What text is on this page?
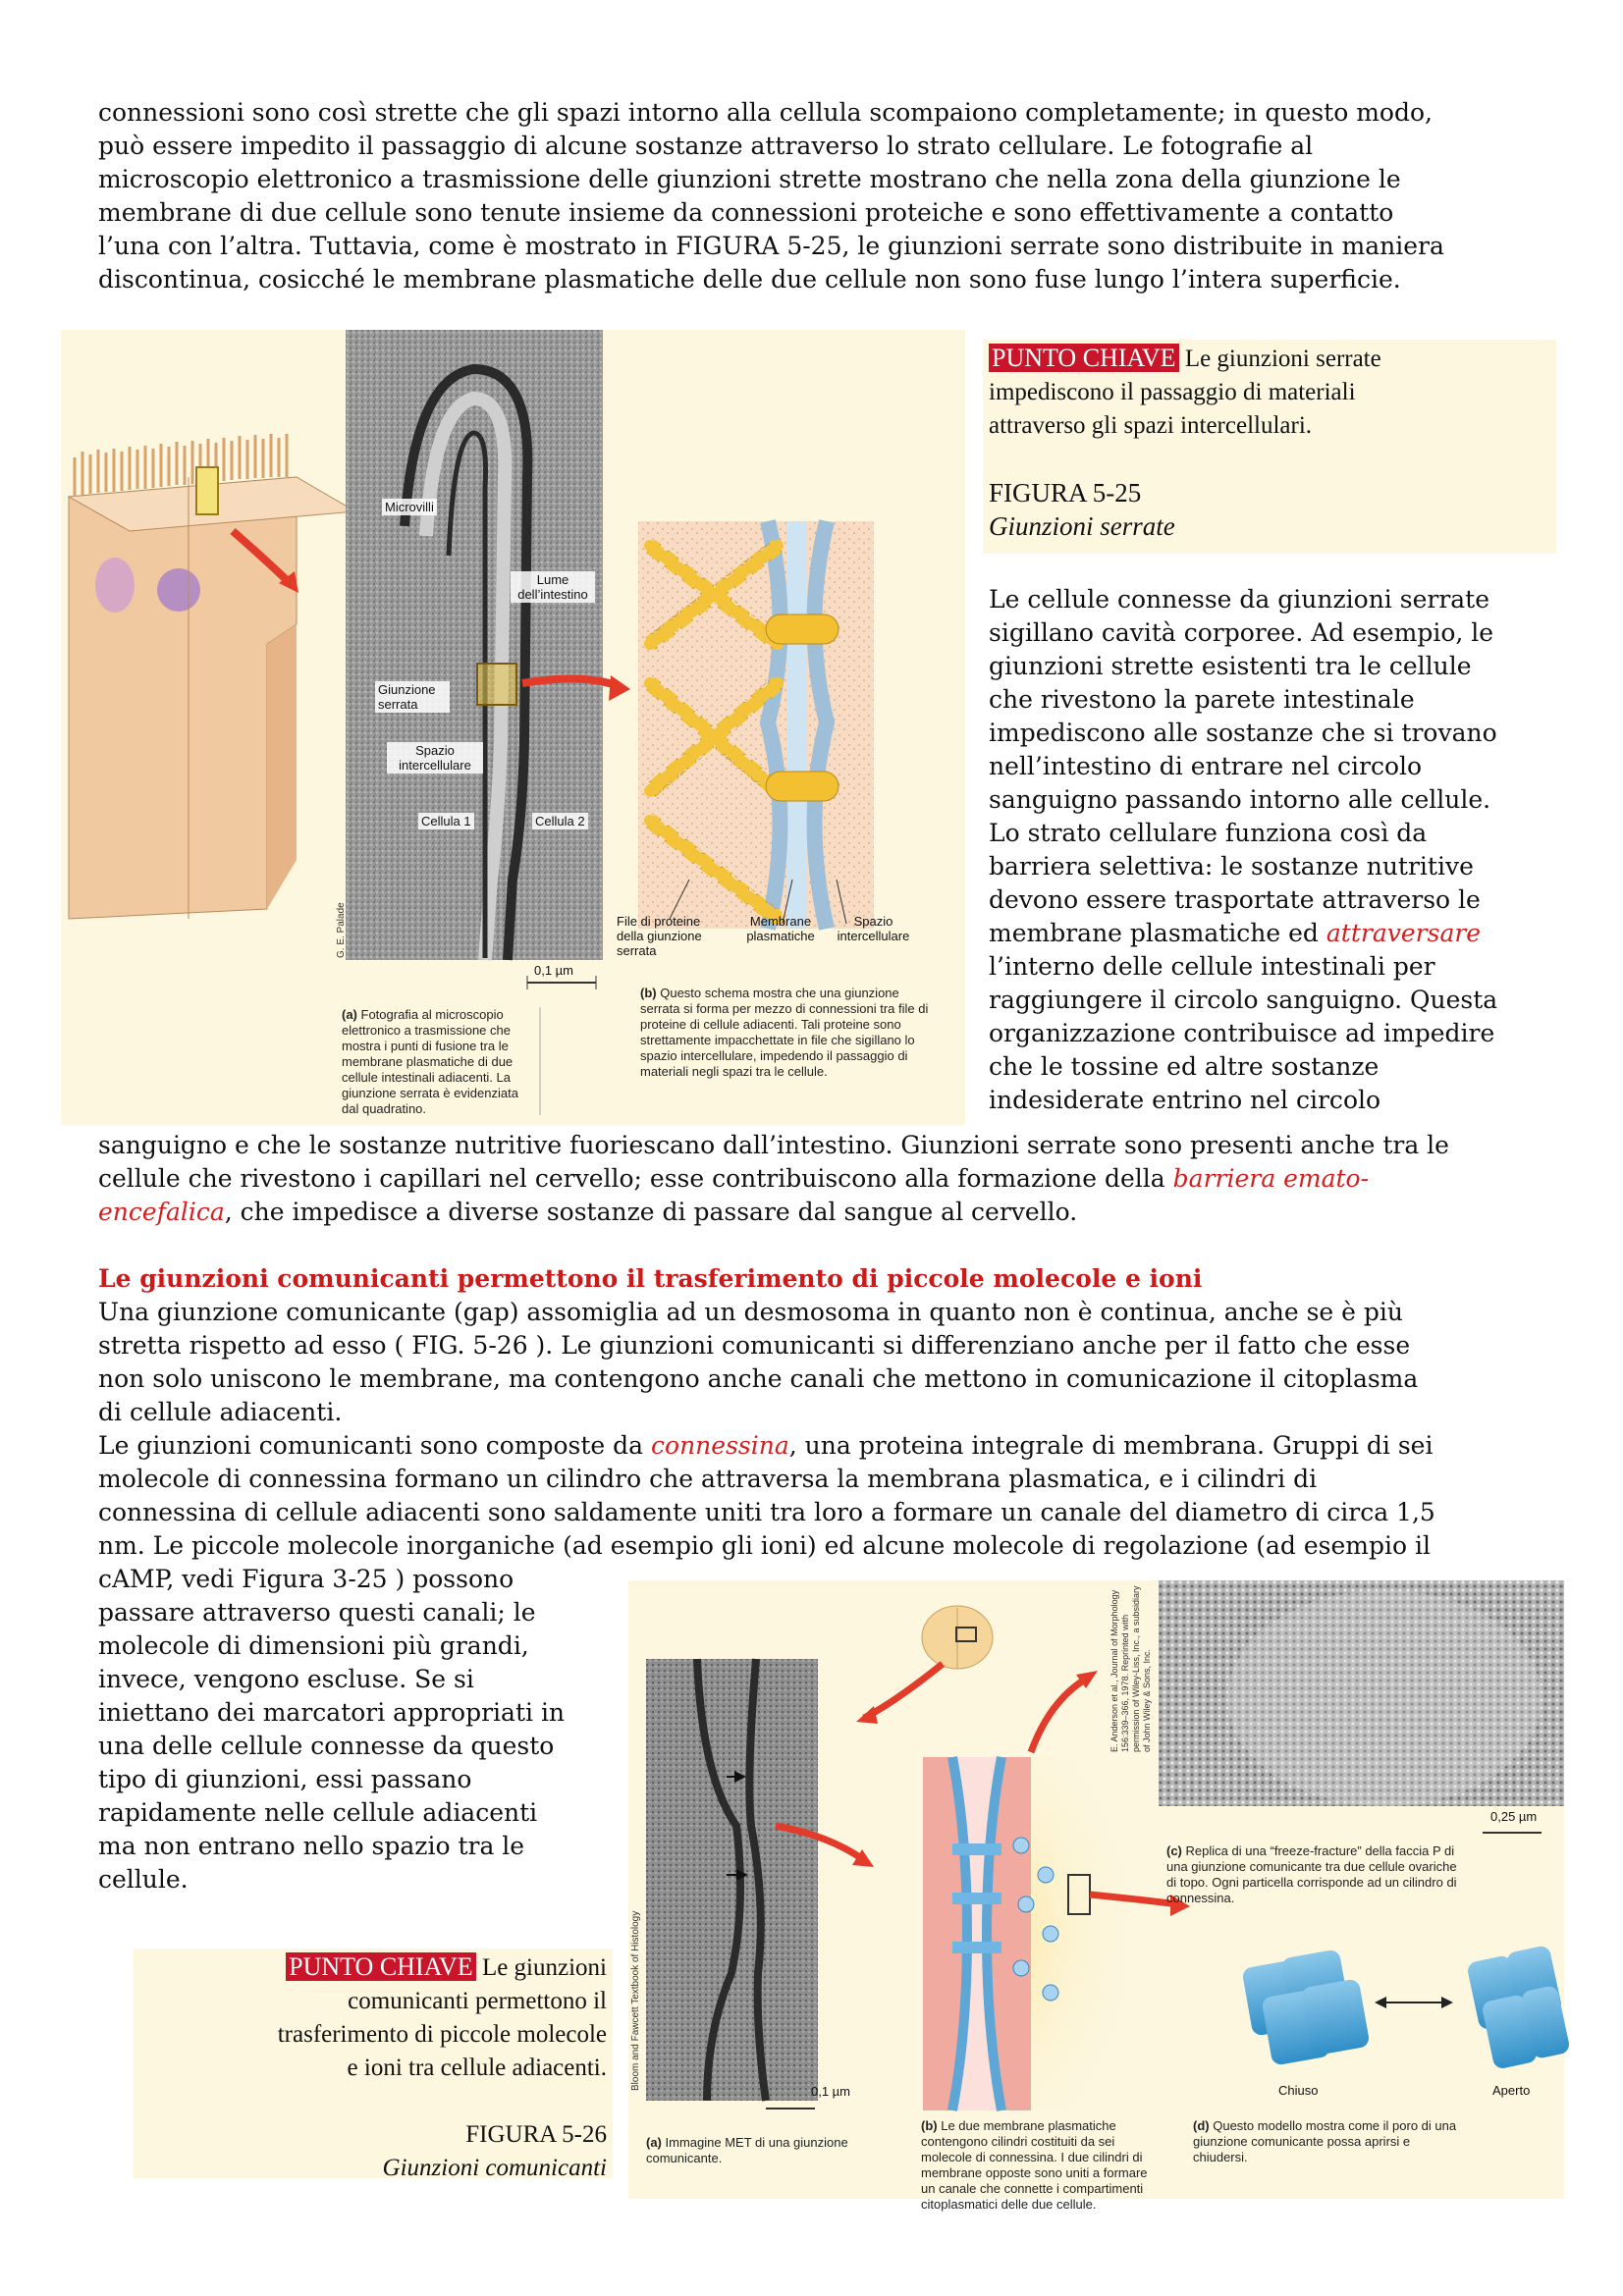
connessioni sono così strette che gli spazi intorno alla cellula scompaiono completamente; in questo modo,

può essere impedito il passaggio di alcune sostanze attraverso lo strato cellulare. Le fotografie al

microscopio elettronico a trasmissione delle giunzioni strette mostrano che nella zona della giunzione le

membrane di due cellule sono tenute insieme da connessioni proteiche e sono effettivamente a contatto

l’una con l’altra. Tuttavia, come è mostrato in FIGURA 5-25, le giunzioni serrate sono distribuite in maniera

discontinua, cosicché le membrane plasmatiche delle due cellule non sono fuse lungo l’intera superficie.

Microvilli
Lume dell’intestino
Giunzione serrata
Spazio intercellulare
Cellula 1	Cellula 2
File di proteine della giunzione serrata
Membrane plasmatiche
Spazio intercellulare
0,1 µm
G. E. Palade
(a) Fotografia al microscopio elettronico a trasmissione che mostra i punti di fusione tra le membrane plasmatiche di due cellule intestinali adiacenti. La giunzione serrata è evidenziata dal quadratino.
(b) Questo schema mostra che una giunzione serrata si forma per mezzo di connessioni tra file di proteine di cellule adiacenti. Tali proteine sono strettamente impacchettate in file che sigillano lo spazio intercellulare, impedendo il passaggio di materiali negli spazi tra le cellule.
PUNTO CHIAVE Le giunzioni serrate impediscono il passaggio di materiali attraverso gli spazi intercellulari.
FIGURA 5-25
Giunzioni serrate

Le cellule connesse da giunzioni serrate

sigillano cavità corporee. Ad esempio, le

giunzioni strette esistenti tra le cellule

che rivestono la parete intestinale

impediscono alle sostanze che si trovano

nell’intestino di entrare nel circolo

sanguigno passando intorno alle cellule.

Lo strato cellulare funziona così da

barriera selettiva: le sostanze nutritive

devono essere trasportate attraverso le

membrane plasmatiche ed attraversare

l’interno delle cellule intestinali per

raggiungere il circolo sanguigno. Questa

organizzazione contribuisce ad impedire

che le tossine ed altre sostanze

indesiderate entrino nel circolo

sanguigno e che le sostanze nutritive fuoriescano dall’intestino. Giunzioni serrate sono presenti anche tra le

cellule che rivestono i capillari nel cervello; esse contribuiscono alla formazione della barriera emato-

encefalica, che impedisce a diverse sostanze di passare dal sangue al cervello.

Le giunzioni comunicanti permettono il trasferimento di piccole molecole e ioni

Una giunzione comunicante (gap) assomiglia ad un desmosoma in quanto non è continua, anche se è più

stretta rispetto ad esso ( FIG. 5-26 ). Le giunzioni comunicanti si differenziano anche per il fatto che esse

non solo uniscono le membrane, ma contengono anche canali che mettono in comunicazione il citoplasma

di cellule adiacenti.

Le giunzioni comunicanti sono composte da connessina, una proteina integrale di membrana. Gruppi di sei

molecole di connessina formano un cilindro che attraversa la membrana plasmatica, e i cilindri di

connessina di cellule adiacenti sono saldamente uniti tra loro a formare un canale del diametro di circa 1,5

nm. Le piccole molecole inorganiche (ad esempio gli ioni) ed alcune molecole di regolazione (ad esempio il

cAMP, vedi Figura 3-25 ) possono

passare attraverso questi canali; le

molecole di dimensioni più grandi,

invece, vengono escluse. Se si

iniettano dei marcatori appropriati in

una delle cellule connesse da questo

tipo di giunzioni, essi passano

rapidamente nelle cellule adiacenti

ma non entrano nello spazio tra le

cellule.

PUNTO CHIAVE Le giunzioni
comunicanti permettono il
trasferimento di piccole molecole
e ioni tra cellule adiacenti.
FIGURA 5-26
Giunzioni comunicanti
Bloom and Fawcett Textbook of Histology
E. Anderson et al., Journal of Morphology 156:339–366, 1978. Reprinted with permission of Wiley-Liss, Inc., a subsidiary of John Wiley & Sons, Inc.
0,1 µm
0,25 µm
Chiuso	Aperto
(a) Immagine MET di una giunzione comunicante.
(b) Le due membrane plasmatiche contengono cilindri costituiti da sei molecole di connessina. I due cilindri di membrane opposte sono uniti a formare un canale che connette i compartimenti citoplasmatici delle due cellule.
(c) Replica di una “freeze-fracture” della faccia P di una giunzione comunicante tra due cellule ovariche di topo. Ogni particella corrisponde ad un cilindro di connessina.
(d) Questo modello mostra come il poro di una giunzione comunicante possa aprirsi e chiudersi.
